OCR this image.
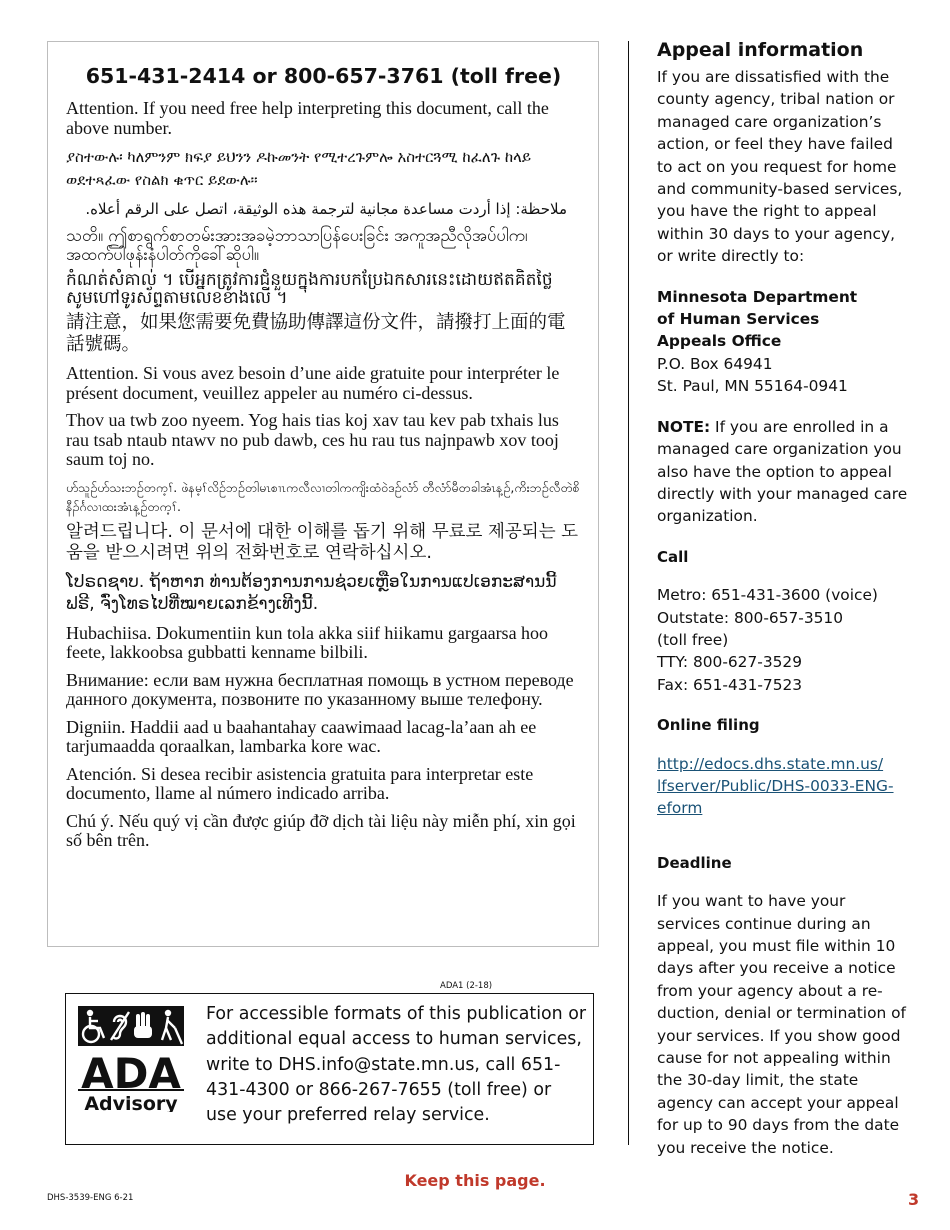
651-431-2414 or 800-657-3761 (toll free)

Attention. If you need free help interpreting this document, call the above number.

ያስተውሉ፡ ካለምንም ክፍያ ይህንን ዶኩመንት የሚተረጉምሎ አስተርጓሚ ከፈለጉ ከላይ ወደተጻፈው የስልክ ቁጥር ይደውሉ።

ملاحظة: إذا أردت مساعدة مجانية لترجمة هذه الوثيقة، اتصل على الرقم أعلاه.

သတိ။ ဤစာရွက်စာတမ်းအားအခမဲ့ဘာသာပြန်ပေးခြင်း အကူအညီလိုအပ်ပါက၊ အထက်ပါဖုန်းနံပါတ်ကိုခေါ်ဆိုပါ။

កំណត់សំគាល់ ។ បើអ្នកត្រូវការជំនួយក្នុងការបកប្រែឯកសារនេះដោយឥតគិតថ្លៃ សូមហៅទូរស័ព្ទតាមលេខខាងលើ ។

請注意，如果您需要免費協助傳譯這份文件，請撥打上面的電話號碼。

Attention. Si vous avez besoin d’une aide gratuite pour interpréter le présent document, veuillez appeler au numéro ci-dessus.

Thov ua twb zoo nyeem. Yog hais tias koj xav tau kev pab txhais lus rau tsab ntaub ntawv no pub dawb, ces hu rau tus najnpawb xov tooj saum toj no.

ဟ်သူဉ်ဟ်သးဘဉ်တက့ၢ်. ဖဲနမ့ၢ်လိဉ်ဘဉ်တါမၤစၢၤကလီလၢတါကကျိးထံဝဲဒဉ်လံာ် တီလံာ်မီတခါအံၤန့ဉ်,ကိးဘဉ်လီတဲစိနီၣ်င်္ဂလၢထးအံၤန့ဉ်တက့ၢ်.

알려드립니다. 이 문서에 대한 이해를 돕기 위해 무료로 제공되는 도움을 받으시려면 위의 전화번호로 연락하십시오.

ໂປຣດຊາບ. ຖ້າຫາກ ທ່ານຕ້ອງການການຊ່ວຍເຫຼືອໃນການແປເອກະສານນີ້ຟຣີ, ຈົ່ງໂທຣໄປທີ່ໝາຍເລກຂ້າງເທີງນີ້.

Hubachiisa. Dokumentiin kun tola akka siif hiikamu gargaarsa hoo feete, lakkoobsa gubbatti kenname bilbili.

Внимание: если вам нужна бесплатная помощь в устном переводе данного документа, позвоните по указанному выше телефону.

Digniin. Haddii aad u baahantahay caawimaad lacag-la’aan ah ee tarjumaadda qoraalkan, lambarka kore wac.

Atención. Si desea recibir asistencia gratuita para interpretar este documento, llame al número indicado arriba.

Chú ý. Nếu quý vị cần được giúp đỡ dịch tài liệu này miễn phí, xin gọi số bên trên.

ADA1 (2-18)
ADA
Advisory
For accessible formats of this publication or additional equal access to human services, write to DHS.info@state.mn.us, call 651-431-4300 or 866-267-7655 (toll free) or use your preferred relay service.
Appeal information

If you are dissatisfied with the county agency, tribal nation or managed care organization’s action, or feel they have failed to act on you request for home and community-based services, you have the right to appeal within 30 days to your agency, or write directly to:

Minnesota Department
of Human Services
Appeals Office

P.O. Box 64941

St. Paul, MN 55164-0941

NOTE: If you are enrolled in a managed care organization you also have the option to appeal directly with your managed care organization.

Call

Metro: 651-431-3600 (voice)
Outstate: 800-657-3510
(toll free)
TTY: 800-627-3529
Fax: 651-431-7523

Online filing

http://edocs.dhs.state.mn.us/
lfserver/Public/DHS-0033-ENG-
eform

Deadline

If you want to have your services continue during an appeal, you must file within 10 days after you receive a notice from your agency about a re-duction, denial or termination of your services. If you show good cause for not appealing within the 30-day limit, the state agency can accept your appeal for up to 90 days from the date you receive the notice.

Keep this page.
DHS-3539-ENG 6-21	3
